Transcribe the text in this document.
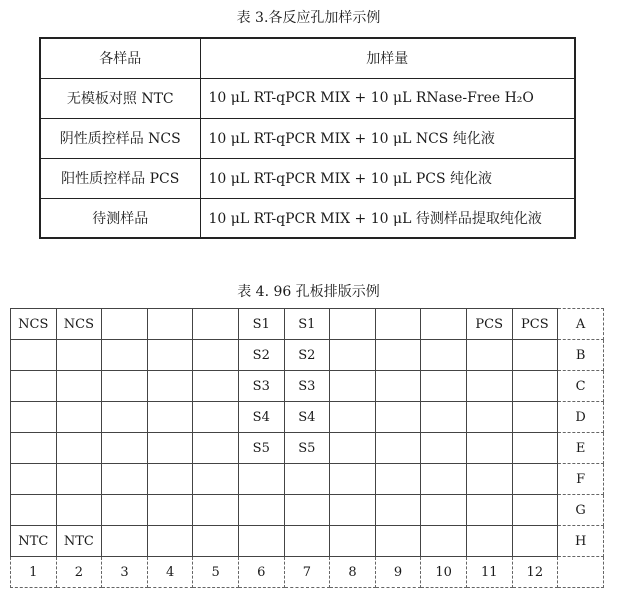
表 3.各反应孔加样示例
各样品	加样量
无模板对照 NTC	10 μL RT-qPCR MIX + 10 μL RNase-Free H₂O
阴性质控样品 NCS	10 μL RT-qPCR MIX + 10 μL NCS 纯化液
阳性质控样品 PCS	10 μL RT-qPCR MIX + 10 μL PCS 纯化液
待测样品	10 μL RT-qPCR MIX + 10 μL 待测样品提取纯化液
表 4. 96 孔板排版示例
NCS	NCS				S1	S1				PCS	PCS	A
					S2	S2						B
					S3	S3						C
					S4	S4						D
					S5	S5						E
												F
												G
NTC	NTC											H
1	2	3	4	5	6	7	8	9	10	11	12	
